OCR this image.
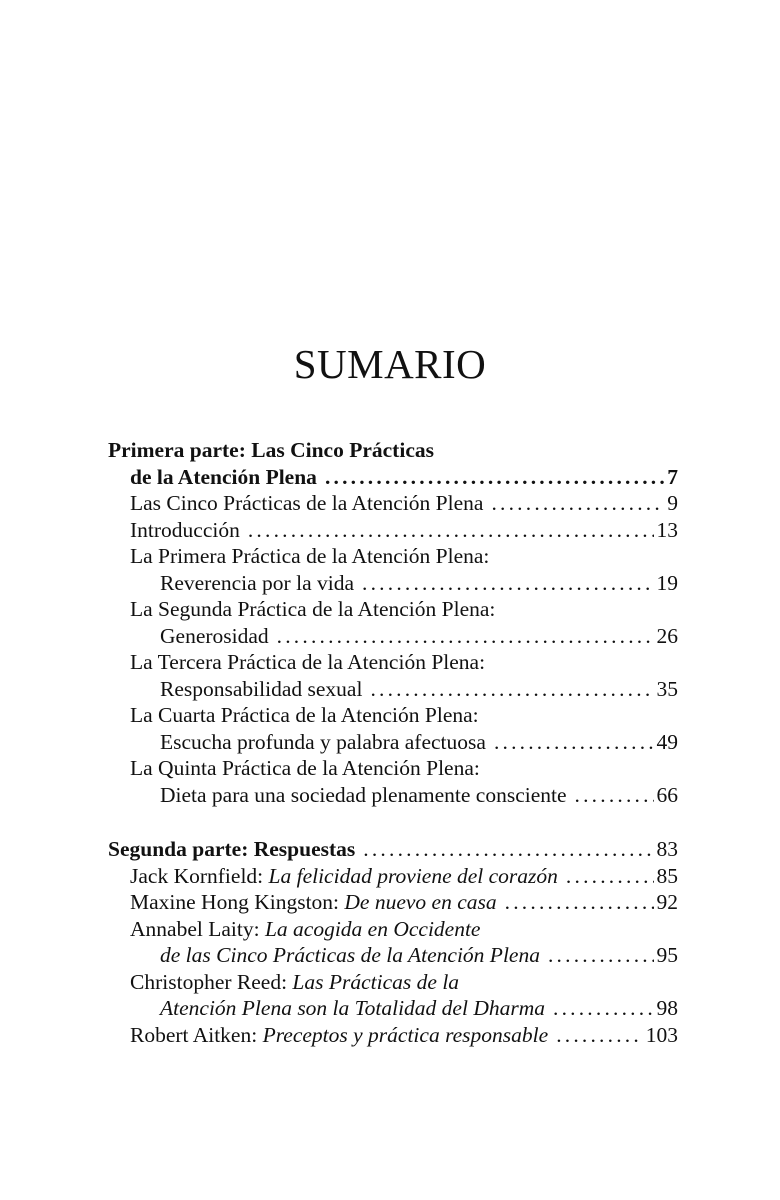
SUMARIO
Primera parte: Las Cinco Prácticas
de la Atención Plena .....	7
Las Cinco Prácticas de la Atención Plena .....	9
Introducción .....	13
La Primera Práctica de la Atención Plena:
Reverencia por la vida .....	19
La Segunda Práctica de la Atención Plena:
Generosidad .....	26
La Tercera Práctica de la Atención Plena:
Responsabilidad sexual .....	35
La Cuarta Práctica de la Atención Plena:
Escucha profunda y palabra afectuosa .....	49
La Quinta Práctica de la Atención Plena:
Dieta para una sociedad plenamente consciente .....	66
Segunda parte: Respuestas .....	83
Jack Kornfield:
La felicidad proviene del corazón .....	85
Maxine Hong Kingston:
De nuevo en casa .....	92
Annabel Laity:
La acogida en Occidente
de las Cinco Prácticas de la Atención Plena .....	95
Christopher Reed:
Las Prácticas de la
Atención Plena son la Totalidad del Dharma .....	98
Robert Aitken:
Preceptos y práctica responsable .....	103
